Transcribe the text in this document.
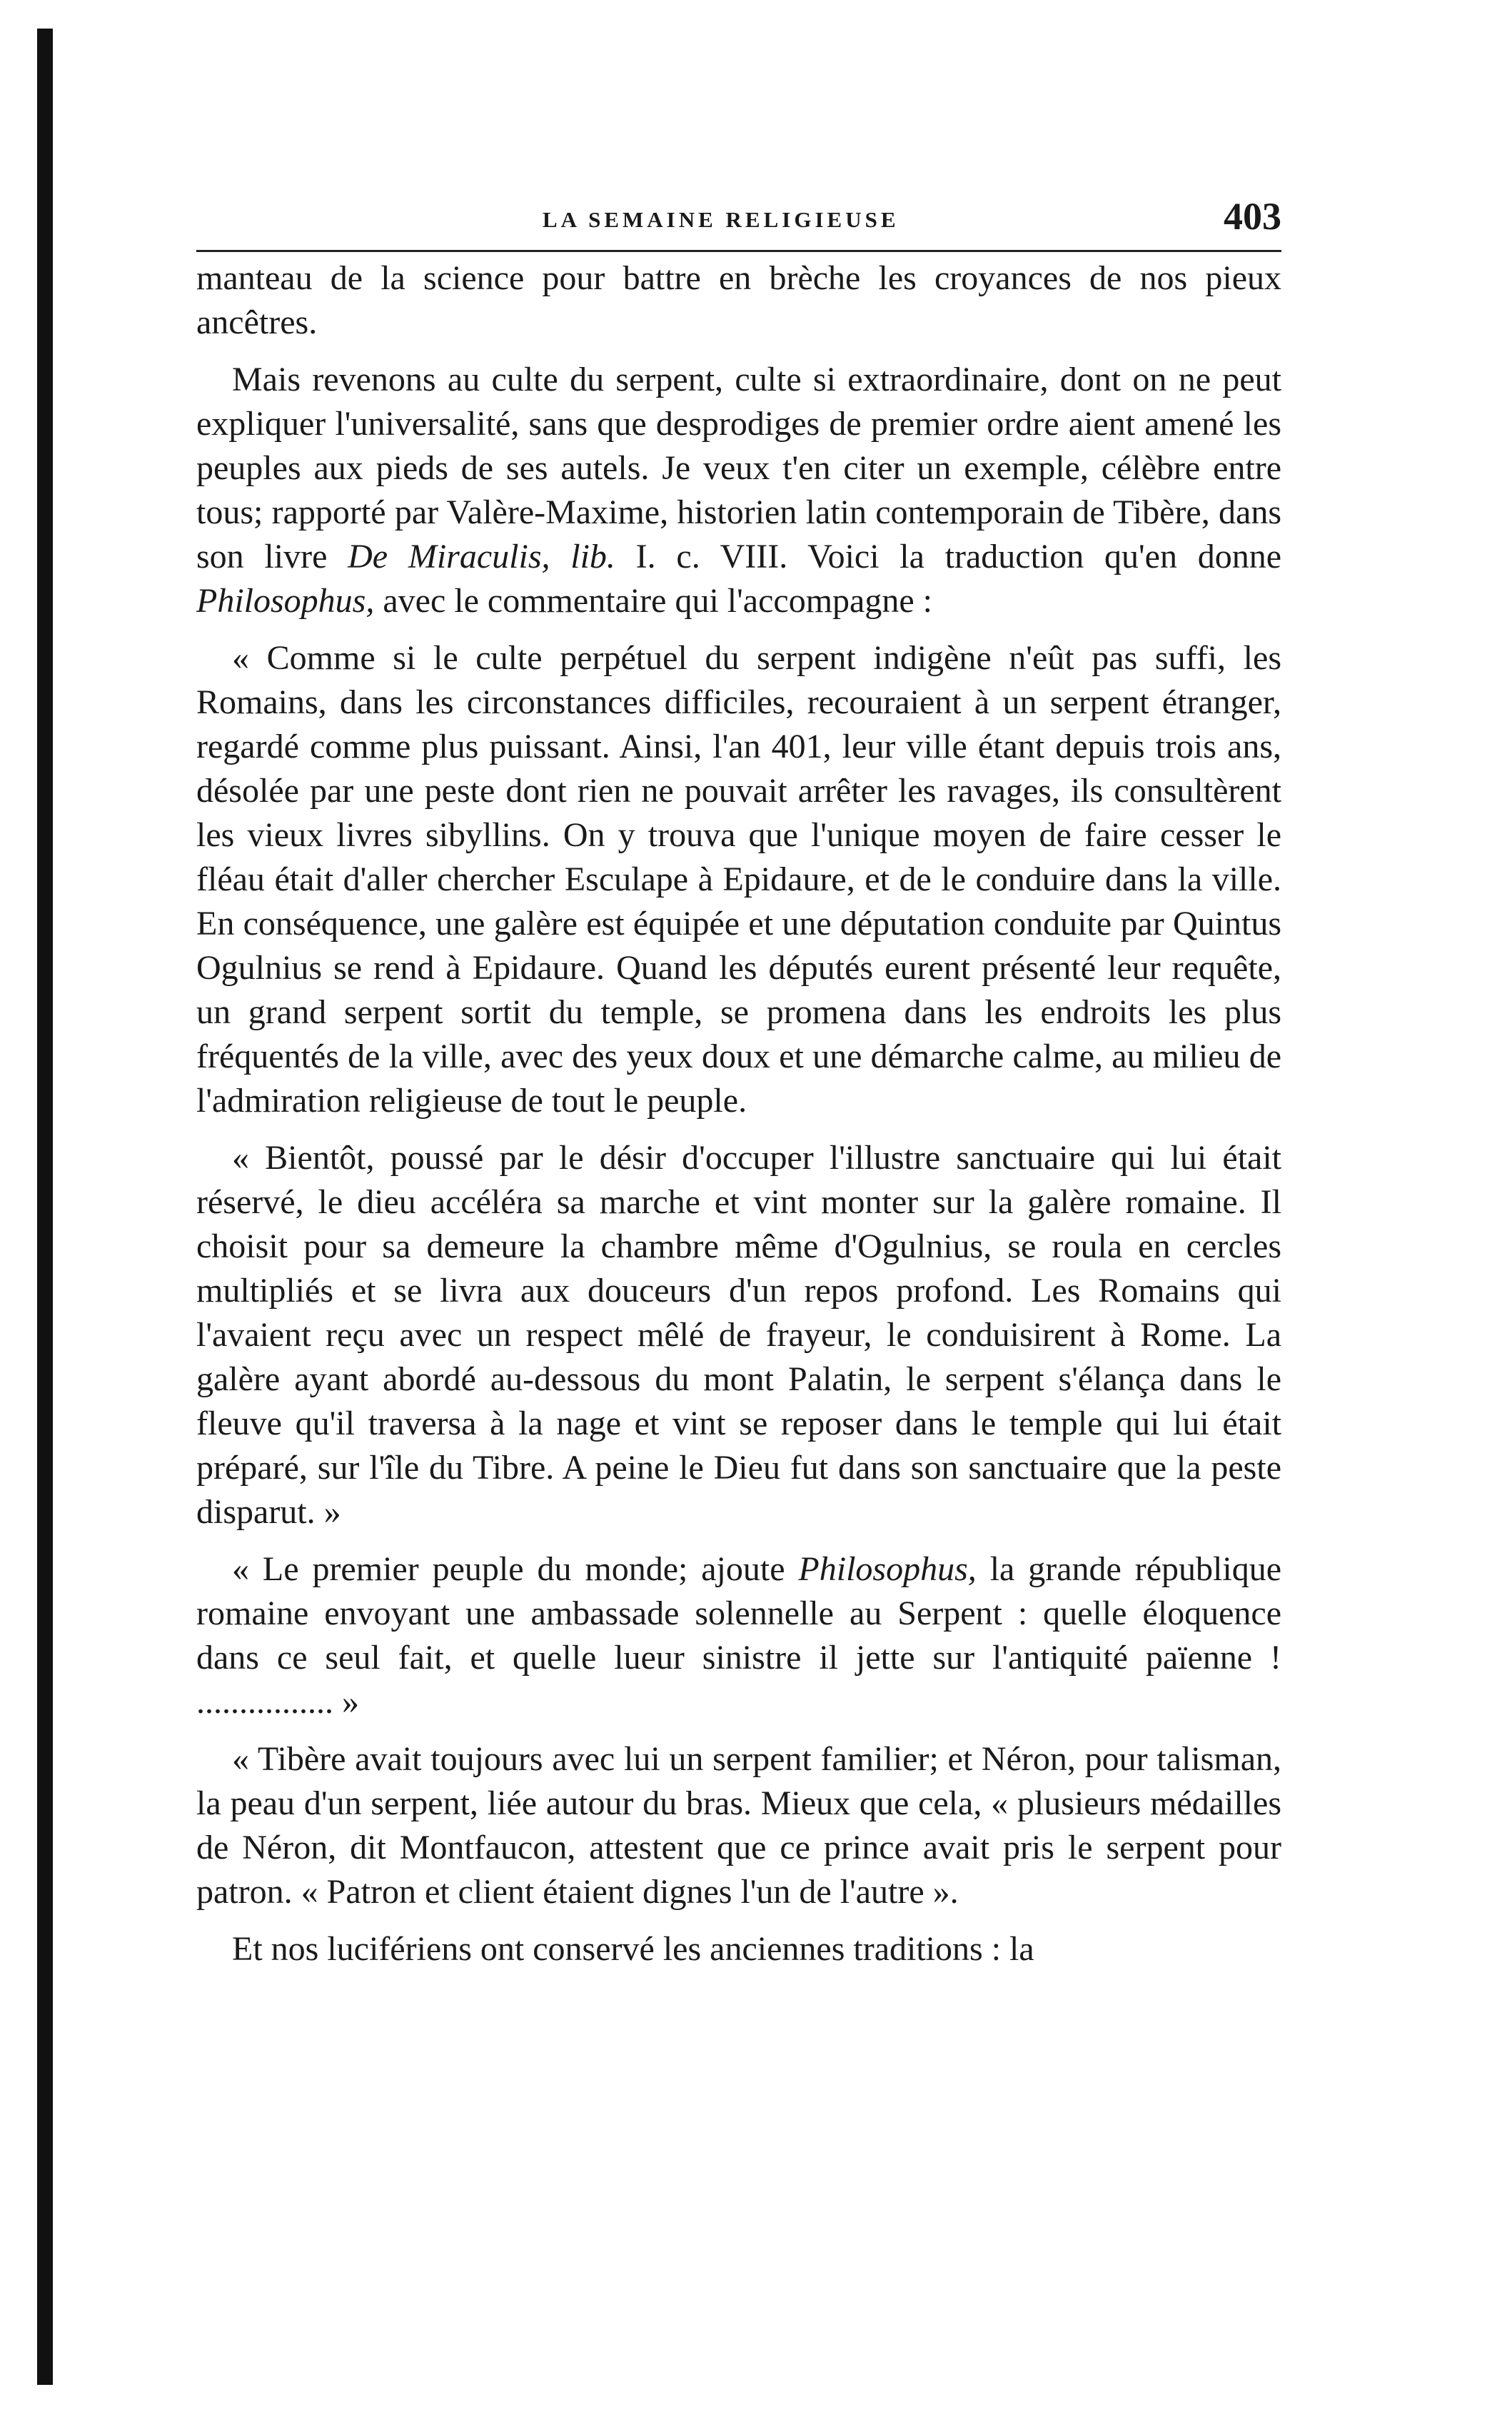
LA SEMAINE RELIGIEUSE	403

manteau de la science pour battre en brèche les croyances de nos pieux ancêtres.

Mais revenons au culte du serpent, culte si extraordinaire, dont on ne peut expliquer l'universalité, sans que desprodiges de premier ordre aient amené les peuples aux pieds de ses autels. Je veux t'en citer un exemple, célèbre entre tous; rapporté par Valère-Maxime, historien latin contemporain de Tibère, dans son livre De Miraculis, lib. I. c. VIII. Voici la traduction qu'en donne Philosophus, avec le commentaire qui l'accompagne :

« Comme si le culte perpétuel du serpent indigène n'eût pas suffi, les Romains, dans les circonstances difficiles, recouraient à un serpent étranger, regardé comme plus puissant. Ainsi, l'an 401, leur ville étant depuis trois ans, désolée par une peste dont rien ne pouvait arrêter les ravages, ils consultèrent les vieux livres sibyllins. On y trouva que l'unique moyen de faire cesser le fléau était d'aller chercher Esculape à Epidaure, et de le conduire dans la ville. En conséquence, une galère est équipée et une députation conduite par Quintus Ogulnius se rend à Epidaure. Quand les députés eurent présenté leur requête, un grand serpent sortit du temple, se promena dans les endroits les plus fréquentés de la ville, avec des yeux doux et une démarche calme, au milieu de l'admiration religieuse de tout le peuple.

« Bientôt, poussé par le désir d'occuper l'illustre sanctuaire qui lui était réservé, le dieu accéléra sa marche et vint monter sur la galère romaine. Il choisit pour sa demeure la chambre même d'Ogulnius, se roula en cercles multipliés et se livra aux douceurs d'un repos profond. Les Romains qui l'avaient reçu avec un respect mêlé de frayeur, le conduisirent à Rome. La galère ayant abordé au-dessous du mont Palatin, le serpent s'élança dans le fleuve qu'il traversa à la nage et vint se reposer dans le temple qui lui était préparé, sur l'île du Tibre. A peine le Dieu fut dans son sanctuaire que la peste disparut. »

« Le premier peuple du monde; ajoute Philosophus, la grande république romaine envoyant une ambassade solennelle au Serpent : quelle éloquence dans ce seul fait, et quelle lueur sinistre il jette sur l'antiquité païenne ! ................ »

« Tibère avait toujours avec lui un serpent familier; et Néron, pour talisman, la peau d'un serpent, liée autour du bras. Mieux que cela, « plusieurs médailles de Néron, dit Montfaucon, attestent que ce prince avait pris le serpent pour patron. « Patron et client étaient dignes l'un de l'autre ».

Et nos lucifériens ont conservé les anciennes traditions : la
